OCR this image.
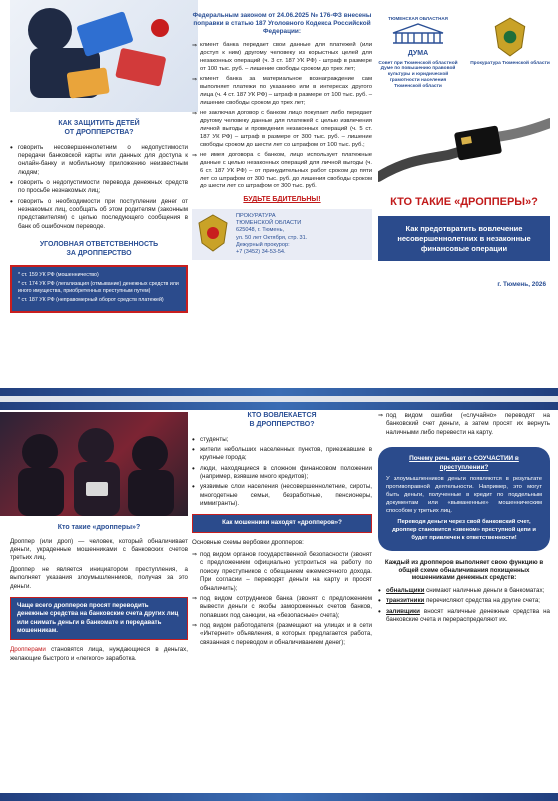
КАК ЗАЩИТИТЬ ДЕТЕЙ
ОТ ДРОППЕРСТВА?
• говорить несовершеннолетним о недопустимости передачи банковской карты или данных для доступа к онлайн-банку и мобильному приложению неизвестным людям;
• говорить о недопустимости перевода денежных средств по просьбе незнакомых лиц;
• говорить о необходимости при поступлении денег от незнакомых лиц, сообщать об этом родителям (законным представителям) с целью последующего сообщения в банк об ошибочном переводе.
УГОЛОВНАЯ ОТВЕТСТВЕННОСТЬ
ЗА ДРОППЕРСТВО

* ст. 159 УК РФ (мошенничество)

* ст. 174 УК РФ (легализация (отмывание) денежных средств или иного имущества, приобретенных преступным путем)

* ст. 187 УК РФ (неправомерный оборот средств платежей)

Федеральным законом от 24.06.2025 № 176-ФЗ внесены поправки в статью 187 Уголовного Кодекса Российской Федерации:
⇒ клиент банка передает свои данные для платежей (или доступ к ним) другому человеку из корыстных целей для незаконных операций (ч. 3 ст. 187 УК РФ) - штраф в размере от 100 тыс. руб. – лишение свободы сроком до трех лет;
⇒ клиент банка за материальное вознаграждение сам выполняет платежи по указанию или в интересах другого лица (ч. 4 ст. 187 УК РФ) – штраф в размере от 100 тыс. руб. – лишение свободы сроком до трех лет;
⇒ не заключая договор с банком лицо покупает либо передает другому человеку данные для платежей с целью извлечения личной выгоды и проведения незаконных операций (ч. 5 ст. 187 УК РФ) – штраф в размере от 300 тыс. руб. – лишение свободы сроком до шести лет со штрафом от 100 тыс. руб.;
⇒ не имея договора с банком, лицо использует платежные данные с целью незаконных операций для личной выгоды (ч. 6 ст. 187 УК РФ) – от принудительных работ сроком до пяти лет со штрафом от 300 тыс. руб. до лишения свободы сроком до шести лет со штрафом от 300 тыс. руб.
БУДЬТЕ БДИТЕЛЬНЫ!
ПРОКУРАТУРА
ТЮМЕНСКОЙ ОБЛАСТИ
625048, г. Тюмень,
ул. 50 лет Октября, стр. 31.
Дежурный прокурор:
+7 (3452) 34-53-54.
ТЮМЕНСКАЯ ОБЛАСТНАЯ
ДУМА
Совет при Тюменской областной Думе по повышению правовой культуры и юридической грамотности населения Тюменской области
Прокуратура Тюменской области
КТО ТАКИЕ «ДРОППЕРЫ»?
Как предотвратить вовлечение несовершеннолетних в незаконные финансовые операции
г. Тюмень, 2026
Кто такие «дропперы»?

Дроппер (или дроп) — человек, который обналичивает деньги, украденные мошенниками с банковских счетов третьих лиц.

Дроппер не является инициатором преступления, а выполняет указания злоумышленников, получая за это деньги.

Чаще всего дропперов просят переводить денежные средства на банковские счета других лиц или снимать деньги в банкомате и передавать мошенникам.

Дропперами становятся лица, нуждающиеся в деньгах, желающие быстрого и «легкого» заработка.

КТО ВОВЛЕКАЕТСЯ
В ДРОППЕРСТВО?
• студенты;
• жители небольших населенных пунктов, приезжавшие в крупные города;
• люди, находящиеся в сложном финансовом положении (например, взявшие много кредитов);
• уязвимые слои населения (несовершеннолетние, сироты, многодетные семьи, безработные, пенсионеры, иммигранты).
Как мошенники находят «дропперов»?
Основные схемы вербовки дропперов:
⇒ под видом органов государственной безопасности (звонят с предложением официально устроиться на работу по поиску преступников с обещанием ежемесячного дохода. При согласии – переводят деньги на карту и просят обналичить);
⇒ под видом сотрудников банка (звонят с предложением вывести деньги с якобы замороженных счетов банков, попавших под санкции, на «безопасные» счета);
⇒ под видом работодателя (размещают на улицах и в сети «Интернет» объявления, в которых предлагается работа, связанная с переводом и обналичиванием денег);
⇒ под видом ошибки («случайно» переводят на банковский счет деньги, а затем просят их вернуть наличными либо перевести на карту.
Почему речь идет о СОУЧАСТИИ в преступлении?

У злоумышленников деньги появляются в результате противоправной деятельности. Например, это могут быть деньги, полученные в кредит по поддельным документам или «выманенные» мошенническим способом у третьих лиц.

Переводя деньги через свой банковский счет, дроппер становится «звеном» преступной цепи и будет привлечен к ответственности!

Каждый из дропперов выполняет свою функцию в общей схеме обналичивания похищенных мошенниками денежных средств:
• обнальщики снимают наличные деньги в банкоматах;
• транзитники перечисляют средства на другие счета;
• заливщики вносят наличные денежные средства на банковские счета и перераспределяют их.
